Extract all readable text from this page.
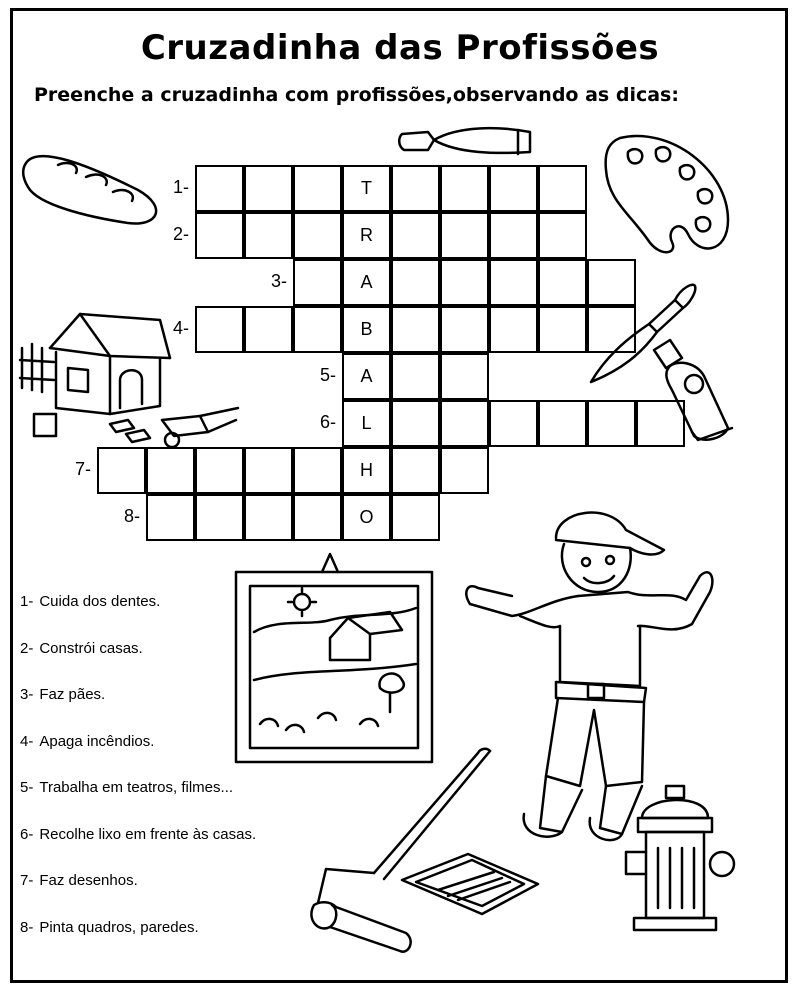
Cruzadinha das Profissões

Preenche a cruzadinha com profissões,observando as dicas:

T
1-
R
2-
A
3-
B
4-
A
5-
L
6-
H
7-
O
8-
1- Cuida dos dentes.
2- Constrói casas.
3- Faz pães.
4- Apaga incêndios.
5- Trabalha em teatros, filmes...
6- Recolhe lixo em frente às casas.
7- Faz desenhos.
8- Pinta quadros, paredes.
